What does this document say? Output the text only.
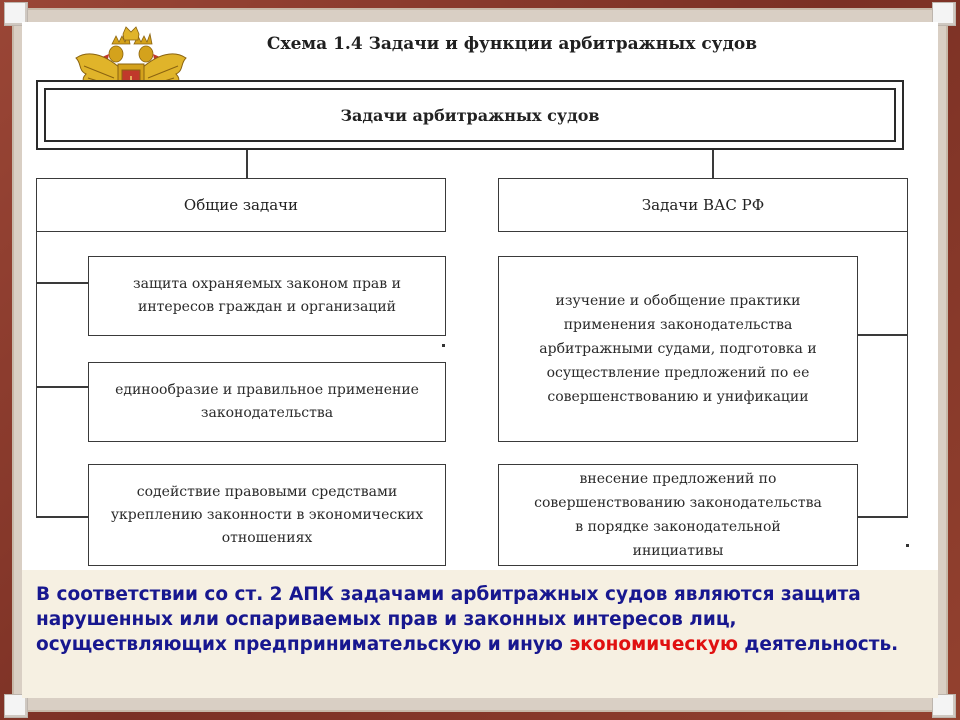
Схема 1.4 Задачи и функции арбитражных судов
Задачи арбитражных судов
Общие задачи
защита охраняемых законом прав и интересов граждан и организаций
единообразие и правильное применение законодательства
содействие правовыми средствами укреплению законности в экономических отношениях
Задачи ВАС РФ
изучение и обобщение практики применения законодательства арбитражными судами, подготовка и осуществление предложений по ее совершенствованию и унификации
внесение предложений по совершенствованию законодательства в порядке законодательной инициативы
В соответствии со ст. 2 АПК задачами арбитражных судов являются защита нарушенных или оспариваемых прав и законных интересов лиц, осуществляющих предпринимательскую и иную экономическую деятельность.
